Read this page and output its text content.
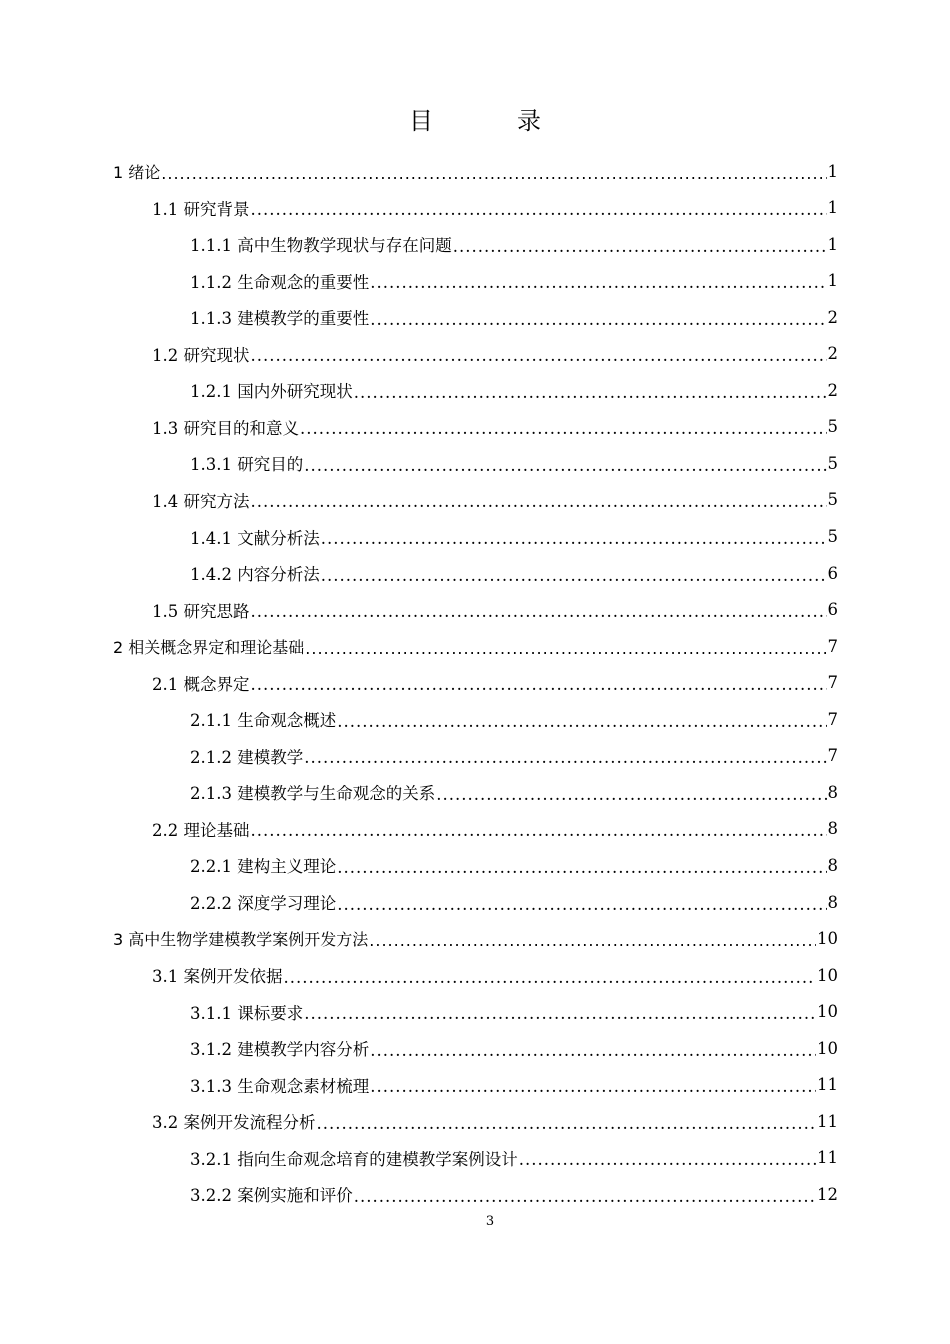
目　录
1 绪论 .....	1
1.1 研究背景 .....	1
1.1.1 高中生物教学现状与存在问题 .....	1
1.1.2 生命观念的重要性 .....	1
1.1.3 建模教学的重要性 .....	2
1.2 研究现状 .....	2
1.2.1 国内外研究现状 .....	2
1.3 研究目的和意义 .....	5
1.3.1 研究目的 .....	5
1.4 研究方法 .....	5
1.4.1 文献分析法 .....	5
1.4.2 内容分析法 .....	6
1.5 研究思路 .....	6
2 相关概念界定和理论基础 .....	7
2.1 概念界定 .....	7
2.1.1 生命观念概述 .....	7
2.1.2 建模教学 .....	7
2.1.3 建模教学与生命观念的关系 .....	8
2.2 理论基础 .....	8
2.2.1 建构主义理论 .....	8
2.2.2 深度学习理论 .....	8
3 高中生物学建模教学案例开发方法 .....	10
3.1 案例开发依据 .....	10
3.1.1 课标要求 .....	10
3.1.2 建模教学内容分析 .....	10
3.1.3 生命观念素材梳理 .....	11
3.2 案例开发流程分析 .....	11
3.2.1 指向生命观念培育的建模教学案例设计 .....	11
3.2.2 案例实施和评价 .....	12
3
